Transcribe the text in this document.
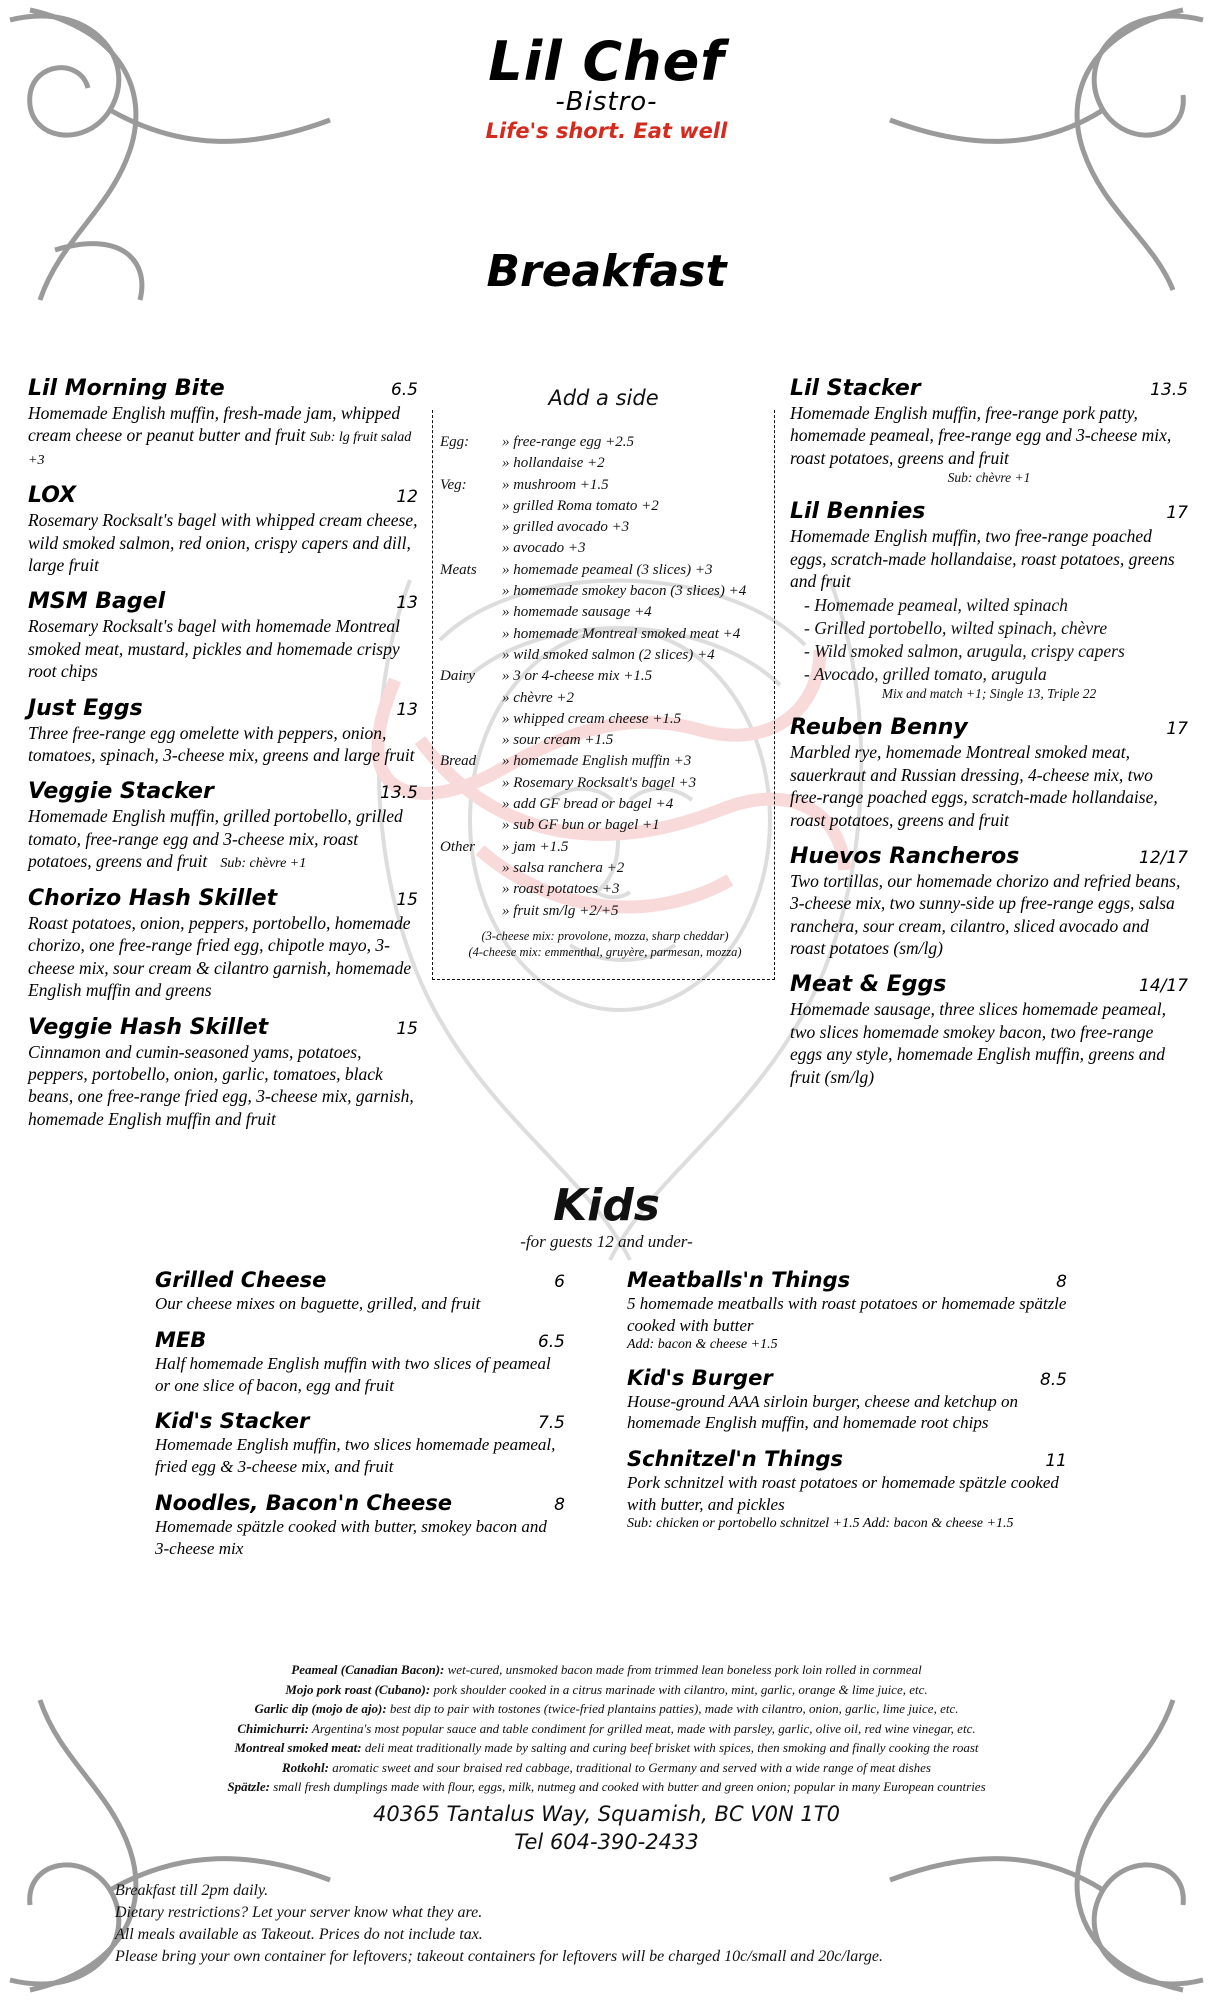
Lil Chef
-Bistro-
Life's short. Eat well
Breakfast
Lil Morning Bite	6.5
Homemade English muffin, fresh-made jam, whipped cream cheese or peanut butter and fruit Sub: lg fruit salad +3
LOX	12
Rosemary Rocksalt's bagel with whipped cream cheese, wild smoked salmon, red onion, crispy capers and dill, large fruit
MSM Bagel	13
Rosemary Rocksalt's bagel with homemade Montreal smoked meat, mustard, pickles and homemade crispy root chips
Just Eggs	13
Three free-range egg omelette with peppers, onion, tomatoes, spinach, 3-cheese mix, greens and large fruit
Veggie Stacker	13.5
Homemade English muffin, grilled portobello, grilled tomato, free-range egg and 3-cheese mix, roast potatoes, greens and fruit Sub: chèvre +1
Chorizo Hash Skillet	15
Roast potatoes, onion, peppers, portobello, homemade chorizo, one free-range fried egg, chipotle mayo, 3-cheese mix, sour cream & cilantro garnish, homemade English muffin and greens
Veggie Hash Skillet	15
Cinnamon and cumin-seasoned yams, potatoes, peppers, portobello, onion, garlic, tomatoes, black beans, one free-range fried egg, 3-cheese mix, garnish, homemade English muffin and fruit
Lil Stacker	13.5
Homemade English muffin, free-range pork patty, homemade peameal, free-range egg and 3-cheese mix, roast potatoes, greens and fruit
Sub: chèvre +1
Lil Bennies	17
Homemade English muffin, two free-range poached eggs, scratch-made hollandaise, roast potatoes, greens and fruit
- Homemade peameal, wilted spinach
- Grilled portobello, wilted spinach, chèvre
- Wild smoked salmon, arugula, crispy capers
- Avocado, grilled tomato, arugula
Mix and match +1; Single 13, Triple 22
Reuben Benny	17
Marbled rye, homemade Montreal smoked meat, sauerkraut and Russian dressing, 4-cheese mix, two free-range poached eggs, scratch-made hollandaise, roast potatoes, greens and fruit
Huevos Rancheros	12/17
Two tortillas, our homemade chorizo and refried beans, 3-cheese mix, two sunny-side up free-range eggs, salsa ranchera, sour cream, cilantro, sliced avocado and roast potatoes (sm/lg)
Meat & Eggs	14/17
Homemade sausage, three slices homemade peameal, two slices homemade smokey bacon, two free-range eggs any style, homemade English muffin, greens and fruit (sm/lg)
Add a side
Egg:	» free-range egg +2.5
» hollandaise +2
Veg:	» mushroom +1.5
» grilled Roma tomato +2
» grilled avocado +3
» avocado +3
Meats	» homemade peameal (3 slices) +3
» homemade smokey bacon (3 slices) +4
» homemade sausage +4
» homemade Montreal smoked meat +4
» wild smoked salmon (2 slices) +4
Dairy	» 3 or 4-cheese mix +1.5
» chèvre +2
» whipped cream cheese +1.5
» sour cream +1.5
Bread	» homemade English muffin +3
» Rosemary Rocksalt's bagel +3
» add GF bread or bagel +4
» sub GF bun or bagel +1
Other	» jam +1.5
» salsa ranchera +2
» roast potatoes +3
» fruit sm/lg +2/+5
(3-cheese mix: provolone, mozza, sharp cheddar)
(4-cheese mix: emmenthal, gruyère, parmesan, mozza)
Kids
-for guests 12 and under-
Grilled Cheese	6
Our cheese mixes on baguette, grilled, and fruit
MEB	6.5
Half homemade English muffin with two slices of peameal or one slice of bacon, egg and fruit
Kid's Stacker	7.5
Homemade English muffin, two slices homemade peameal, fried egg & 3-cheese mix, and fruit
Noodles, Bacon'n Cheese	8
Homemade spätzle cooked with butter, smokey bacon and 3-cheese mix
Meatballs'n Things	8
5 homemade meatballs with roast potatoes or homemade spätzle cooked with butter
Add: bacon & cheese +1.5
Kid's Burger	8.5
House-ground AAA sirloin burger, cheese and ketchup on homemade English muffin, and homemade root chips
Schnitzel'n Things	11
Pork schnitzel with roast potatoes or homemade spätzle cooked with butter, and pickles
Sub: chicken or portobello schnitzel +1.5 Add: bacon & cheese +1.5
Peameal (Canadian Bacon): wet-cured, unsmoked bacon made from trimmed lean boneless pork loin rolled in cornmeal
Mojo pork roast (Cubano): pork shoulder cooked in a citrus marinade with cilantro, mint, garlic, orange & lime juice, etc.
Garlic dip (mojo de ajo): best dip to pair with tostones (twice-fried plantains patties), made with cilantro, onion, garlic, lime juice, etc.
Chimichurri: Argentina's most popular sauce and table condiment for grilled meat, made with parsley, garlic, olive oil, red wine vinegar, etc.
Montreal smoked meat: deli meat traditionally made by salting and curing beef brisket with spices, then smoking and finally cooking the roast
Rotkohl: aromatic sweet and sour braised red cabbage, traditional to Germany and served with a wide range of meat dishes
Spätzle: small fresh dumplings made with flour, eggs, milk, nutmeg and cooked with butter and green onion; popular in many European countries
40365 Tantalus Way, Squamish, BC V0N 1T0
Tel 604-390-2433
Breakfast till 2pm daily.
Dietary restrictions? Let your server know what they are.
All meals available as Takeout. Prices do not include tax.
Please bring your own container for leftovers; takeout containers for leftovers will be charged 10c/small and 20c/large.
